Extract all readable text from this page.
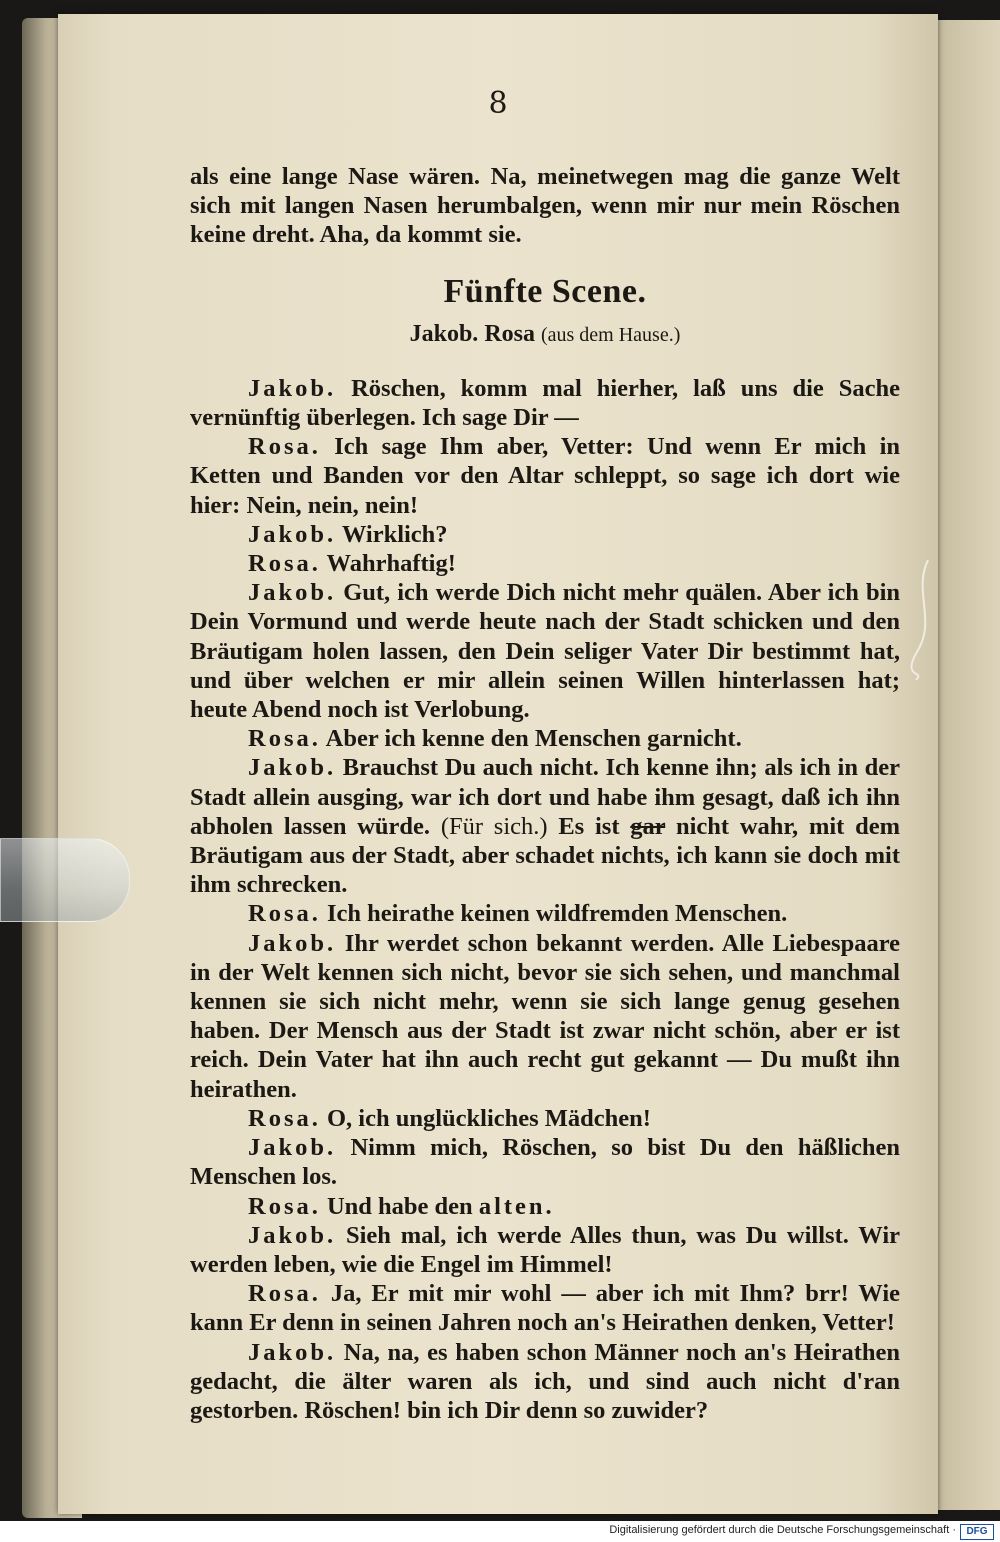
8

als eine lange Nase wären. Na, meinetwegen mag die ganze Welt sich mit langen Nasen herumbalgen, wenn mir nur mein Röschen keine dreht. Aha, da kommt sie.

Fünfte Scene.
Jakob. Rosa (aus dem Hause.)

Jakob. Röschen, komm mal hierher, laß uns die Sache vernünftig überlegen. Ich sage Dir —

Rosa. Ich sage Ihm aber, Vetter: Und wenn Er mich in Ketten und Banden vor den Altar schleppt, so sage ich dort wie hier: Nein, nein, nein!

Jakob. Wirklich?

Rosa. Wahrhaftig!

Jakob. Gut, ich werde Dich nicht mehr quälen. Aber ich bin Dein Vormund und werde heute nach der Stadt schicken und den Bräutigam holen lassen, den Dein seliger Vater Dir bestimmt hat, und über welchen er mir allein seinen Willen hinterlassen hat; heute Abend noch ist Verlobung.

Rosa. Aber ich kenne den Menschen garnicht.

Jakob. Brauchst Du auch nicht. Ich kenne ihn; als ich in der Stadt allein ausging, war ich dort und habe ihm gesagt, daß ich ihn abholen lassen würde. (Für sich.) Es ist gar nicht wahr, mit dem Bräutigam aus der Stadt, aber schadet nichts, ich kann sie doch mit ihm schrecken.

Rosa. Ich heirathe keinen wildfremden Menschen.

Jakob. Ihr werdet schon bekannt werden. Alle Liebespaare in der Welt kennen sich nicht, bevor sie sich sehen, und manchmal kennen sie sich nicht mehr, wenn sie sich lange genug gesehen haben. Der Mensch aus der Stadt ist zwar nicht schön, aber er ist reich. Dein Vater hat ihn auch recht gut gekannt — Du mußt ihn heirathen.

Rosa. O, ich unglückliches Mädchen!

Jakob. Nimm mich, Röschen, so bist Du den häßlichen Menschen los.

Rosa. Und habe den alten.

Jakob. Sieh mal, ich werde Alles thun, was Du willst. Wir werden leben, wie die Engel im Himmel!

Rosa. Ja, Er mit mir wohl — aber ich mit Ihm? brr! Wie kann Er denn in seinen Jahren noch an's Heirathen denken, Vetter!

Jakob. Na, na, es haben schon Männer noch an's Heirathen gedacht, die älter waren als ich, und sind auch nicht d'ran gestorben. Röschen! bin ich Dir denn so zuwider?

Digitalisierung gefördert durch die Deutsche Forschungsgemeinschaft ·	DFG
